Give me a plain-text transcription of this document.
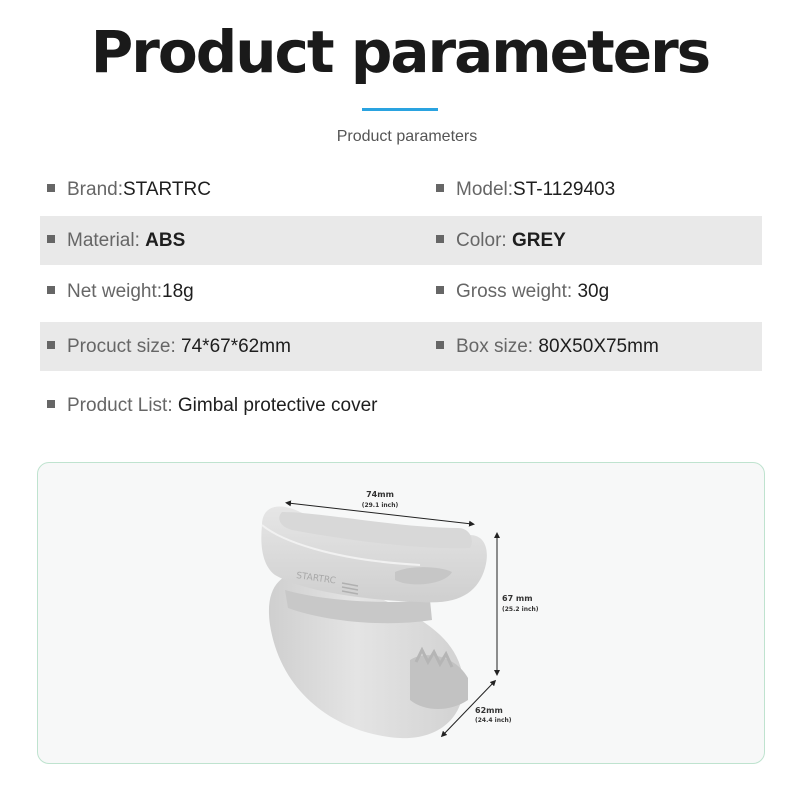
Product parameters
Product parameters
Brand:STARTRC	Model:ST-1129403
Material: ABS	Color: GREY
Net weight:18g	Gross weight: 30g
Procuct size: 74*67*62mm	Box size: 80X50X75mm
Product List: Gimbal protective cover
STARTRC
74mm
(29.1 inch)
67 mm
(25.2 inch)
62mm
(24.4 inch)
